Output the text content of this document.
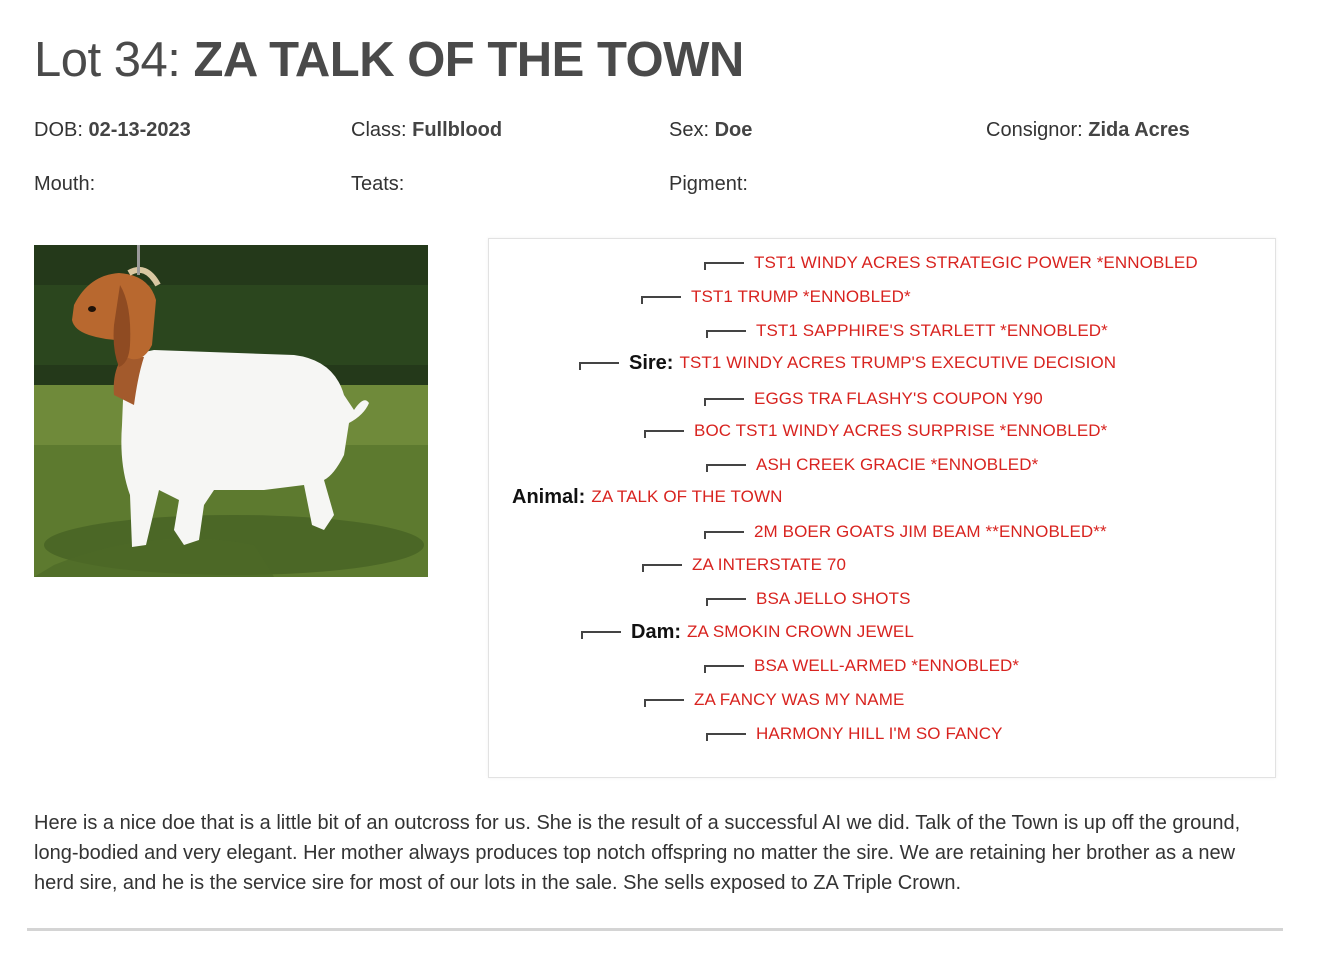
Lot 34: ZA TALK OF THE TOWN
DOB: 02-13-2023	Class: Fullblood	Sex: Doe	Consignor: Zida Acres
Mouth:	Teats:	Pigment:
TST1 WINDY ACRES STRATEGIC POWER *ENNOBLED
TST1 TRUMP *ENNOBLED*
TST1 SAPPHIRE'S STARLETT *ENNOBLED*
Sire: TST1 WINDY ACRES TRUMP'S EXECUTIVE DECISION
EGGS TRA FLASHY'S COUPON Y90
BOC TST1 WINDY ACRES SURPRISE *ENNOBLED*
ASH CREEK GRACIE *ENNOBLED*
Animal: ZA TALK OF THE TOWN
2M BOER GOATS JIM BEAM **ENNOBLED**
ZA INTERSTATE 70
BSA JELLO SHOTS
Dam: ZA SMOKIN CROWN JEWEL
BSA WELL-ARMED *ENNOBLED*
ZA FANCY WAS MY NAME
HARMONY HILL I'M SO FANCY

Here is a nice doe that is a little bit of an outcross for us. She is the result of a successful AI we did. Talk of the Town is up off the ground, long-bodied and very elegant. Her mother always produces top notch offspring no matter the sire. We are retaining her brother as a new herd sire, and he is the service sire for most of our lots in the sale. She sells exposed to ZA Triple Crown.
